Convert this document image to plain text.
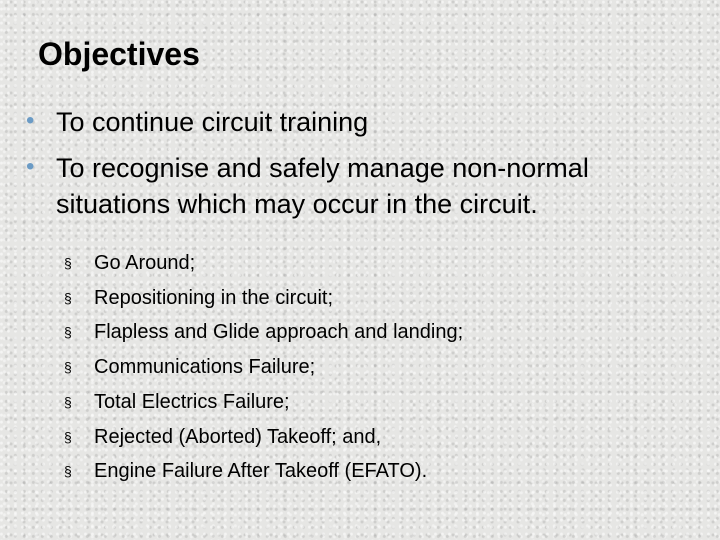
Objectives
• To continue circuit training
• To recognise and safely manage non-normal situations which may occur in the circuit.
§ Go Around;
§ Repositioning in the circuit;
§ Flapless and Glide approach and landing;
§ Communications Failure;
§ Total Electrics Failure;
§ Rejected (Aborted) Takeoff; and,
§ Engine Failure After Takeoff (EFATO).
